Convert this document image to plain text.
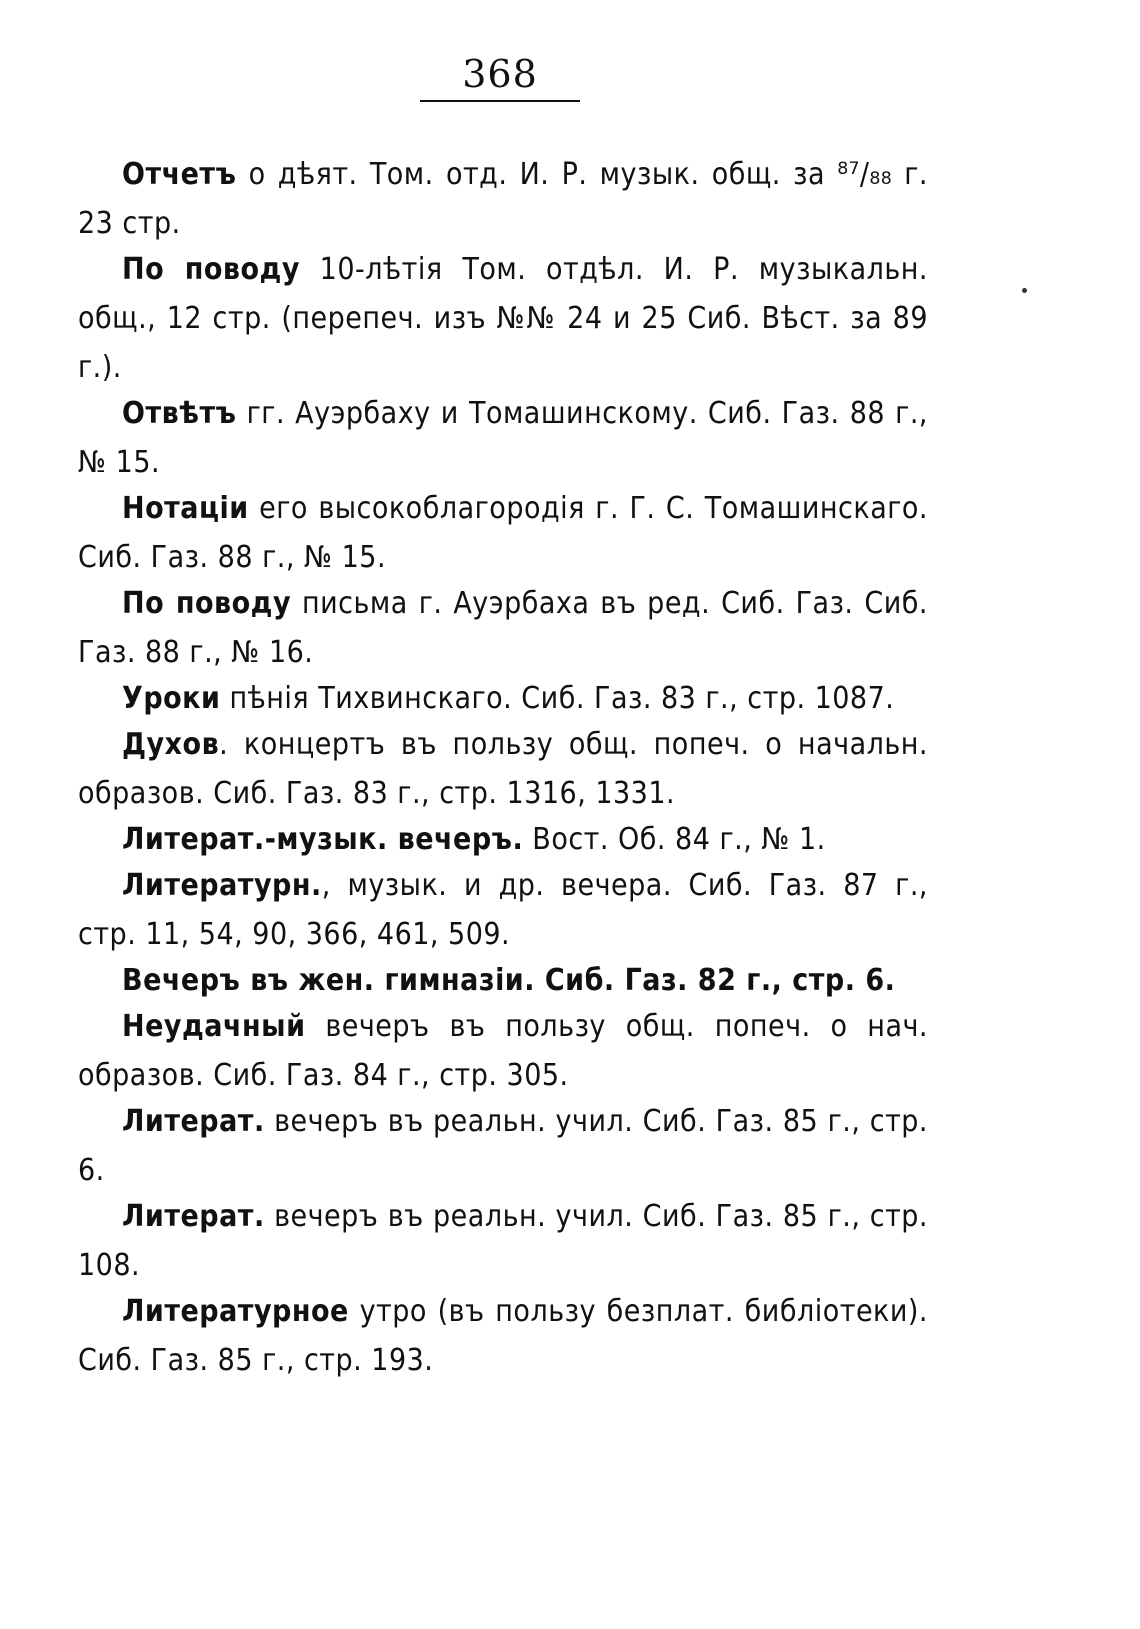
368

Отчетъ о дѣят. Том. отд. И. Р. музык. общ. за ⁸⁷/₈₈ г. 23 стр.

По поводу 10-лѣтія Том. отдѣл. И. Р. музыкальн. общ., 12 стр. (перепеч. изъ №№ 24 и 25 Сиб. Вѣст. за 89 г.).

Отвѣтъ гг. Ауэрбаху и Томашинскому. Сиб. Газ. 88 г., № 15.

Нотаціи его высокоблагородія г. Г. С. Томашинскаго. Сиб. Газ. 88 г., № 15.

По поводу письма г. Ауэрбаха въ ред. Сиб. Газ. Сиб. Газ. 88 г., № 16.

Уроки пѣнія Тихвинскаго. Сиб. Газ. 83 г., стр. 1087.

Духов. концертъ въ пользу общ. попеч. о начальн. образов. Сиб. Газ. 83 г., стр. 1316, 1331.

Литерат.-музык. вечеръ. Вост. Об. 84 г., № 1.

Литературн., музык. и др. вечера. Сиб. Газ. 87 г., стр. 11, 54, 90, 366, 461, 509.

Вечеръ въ жен. гимназіи. Сиб. Газ. 82 г., стр. 6.

Неудачный вечеръ въ пользу общ. попеч. о нач. образов. Сиб. Газ. 84 г., стр. 305.

Литерат. вечеръ въ реальн. учил. Сиб. Газ. 85 г., стр. 6.

Литерат. вечеръ въ реальн. учил. Сиб. Газ. 85 г., стр. 108.

Литературное утро (въ пользу безплат. библіотеки). Сиб. Газ. 85 г., стр. 193.
